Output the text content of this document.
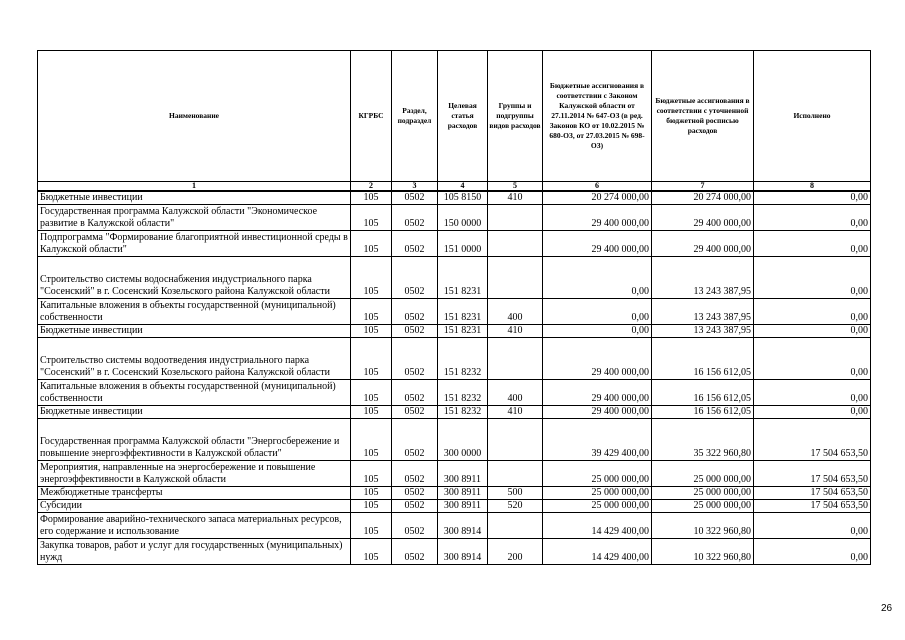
Наименование	КГРБС	Раздел, подраздел	Целевая статья расходов	Группы и подгруппы видов расходов	Бюджетные ассигнования в соответствии с Законом Калужской области от 27.11.2014 № 647-ОЗ (в ред. Законов КО от 10.02.2015 № 680-ОЗ, от 27.03.2015 № 698-ОЗ)	Бюджетные ассигнования в соответствии с уточненной бюджетной росписью расходов	Исполнено
1	2	3	4	5	6	7	8
Бюджетные инвестиции	105	0502	105 8150	410	20 274 000,00	20 274 000,00	0,00
Государственная программа Калужской области "Экономическое развитие в Калужской области"	105	0502	150 0000		29 400 000,00	29 400 000,00	0,00
Подпрограмма "Формирование благоприятной инвестиционной среды в Калужской области"	105	0502	151 0000		29 400 000,00	29 400 000,00	0,00
Строительство системы водоснабжения индустриального парка "Сосенский" в г. Сосенский Козельского района Калужской области	105	0502	151 8231		0,00	13 243 387,95	0,00
Капитальные вложения в объекты государственной (муниципальной) собственности	105	0502	151 8231	400	0,00	13 243 387,95	0,00
Бюджетные инвестиции	105	0502	151 8231	410	0,00	13 243 387,95	0,00
Строительство системы водоотведения индустриального парка "Сосенский" в г. Сосенский Козельского района Калужской области	105	0502	151 8232		29 400 000,00	16 156 612,05	0,00
Капитальные вложения в объекты государственной (муниципальной) собственности	105	0502	151 8232	400	29 400 000,00	16 156 612,05	0,00
Бюджетные инвестиции	105	0502	151 8232	410	29 400 000,00	16 156 612,05	0,00
Государственная программа Калужской области "Энергосбережение и повышение энергоэффективности в Калужской области"	105	0502	300 0000		39 429 400,00	35 322 960,80	17 504 653,50
Мероприятия, направленные на энергосбережение и повышение энергоэффективности в Калужской области	105	0502	300 8911		25 000 000,00	25 000 000,00	17 504 653,50
Межбюджетные трансферты	105	0502	300 8911	500	25 000 000,00	25 000 000,00	17 504 653,50
Субсидии	105	0502	300 8911	520	25 000 000,00	25 000 000,00	17 504 653,50
Формирование аварийно-технического запаса материальных ресурсов, его содержание и использование	105	0502	300 8914		14 429 400,00	10 322 960,80	0,00
Закупка товаров, работ и услуг для государственных (муниципальных) нужд	105	0502	300 8914	200	14 429 400,00	10 322 960,80	0,00
26
